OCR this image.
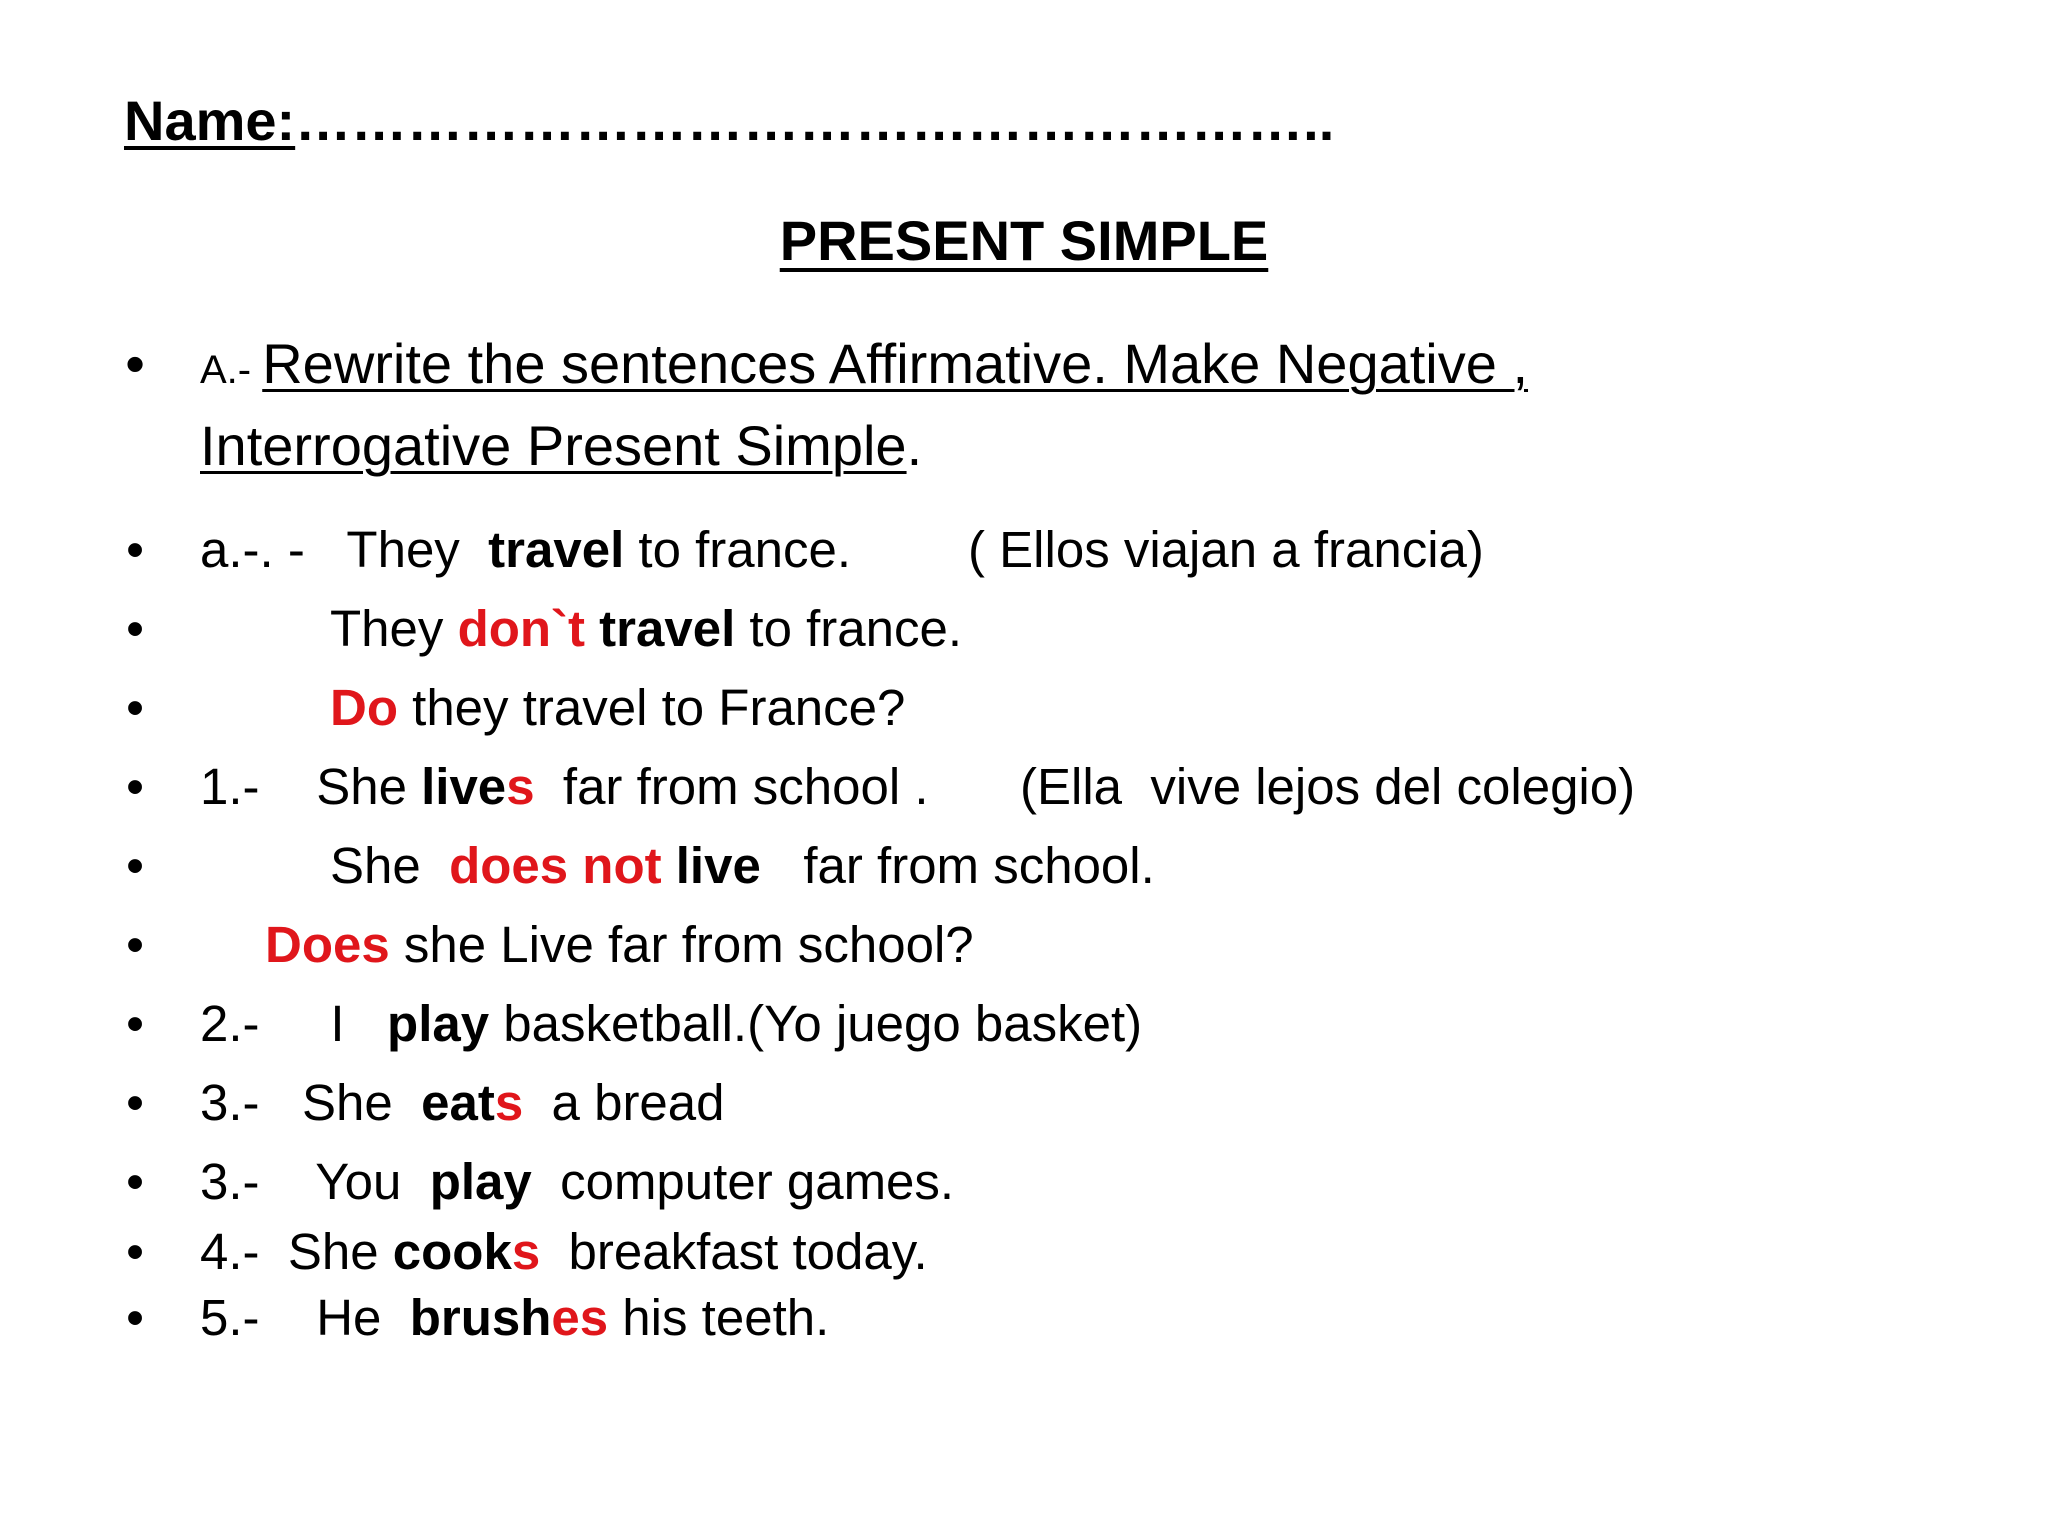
Name:………………………………………………..
PRESENT SIMPLE
• A.- Rewrite the sentences Affirmative. Make Negative ,
Interrogative Present Simple.
• a.-. -   They  travel to france. ( Ellos viajan a francia)
•	They don`t travel to france.
•	Do they travel to France?
• 1.-    She lives  far from school . (Ella  vive lejos del colegio)
•	She  does not live   far from school.
• Does she Live far from school?
• 2.-     I   play basketball.(Yo juego basket)
• 3.-   She  eats  a bread
• 3.-    You  play  computer games.
• 4.-  She cooks  breakfast today.
• 5.-    He  brushes his teeth.
